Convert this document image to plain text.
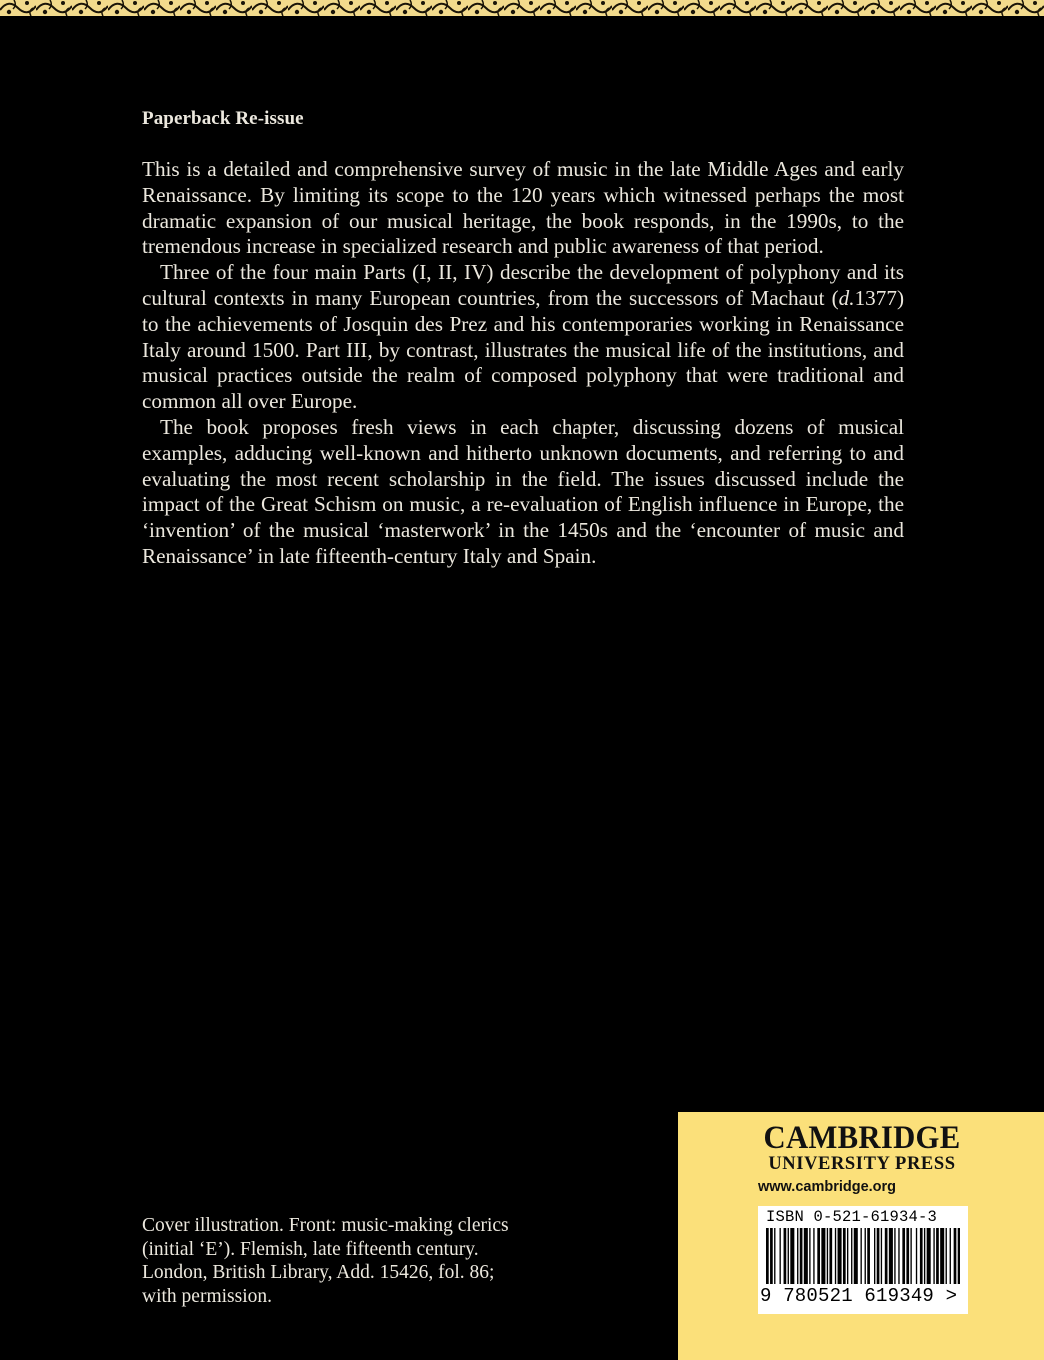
Paperback Re-issue

This is a detailed and comprehensive survey of music in the late Middle Ages and early Renaissance. By limiting its scope to the 120 years which witnessed perhaps the most dramatic expansion of our musical heritage, the book responds, in the 1990s, to the tremendous increase in specialized research and public awareness of that period.

Three of the four main Parts (I, II, IV) describe the development of polyphony and its cultural contexts in many European countries, from the successors of Machaut (d.1377) to the achievements of Josquin des Prez and his contemporaries working in Renaissance Italy around 1500. Part III, by contrast, illustrates the musical life of the institutions, and musical practices outside the realm of composed polyphony that were traditional and common all over Europe.

The book proposes fresh views in each chapter, discussing dozens of musical examples, adducing well-known and hitherto unknown documents, and referring to and evaluating the most recent scholarship in the field. The issues discussed include the impact of the Great Schism on music, a re-evaluation of English influence in Europe, the ‘invention’ of the musical ‘masterwork’ in the 1450s and the ‘encounter of music and Renaissance’ in late fifteenth-century Italy and Spain.

Cover illustration. Front: music-making clerics
(initial ‘E’). Flemish, late fifteenth century.
London, British Library, Add. 15426, fol. 86;
with permission.
CAMBRIDGE
UNIVERSITY PRESS
www.cambridge.org
ISBN 0-521-61934-3
9 780521 619349 >
